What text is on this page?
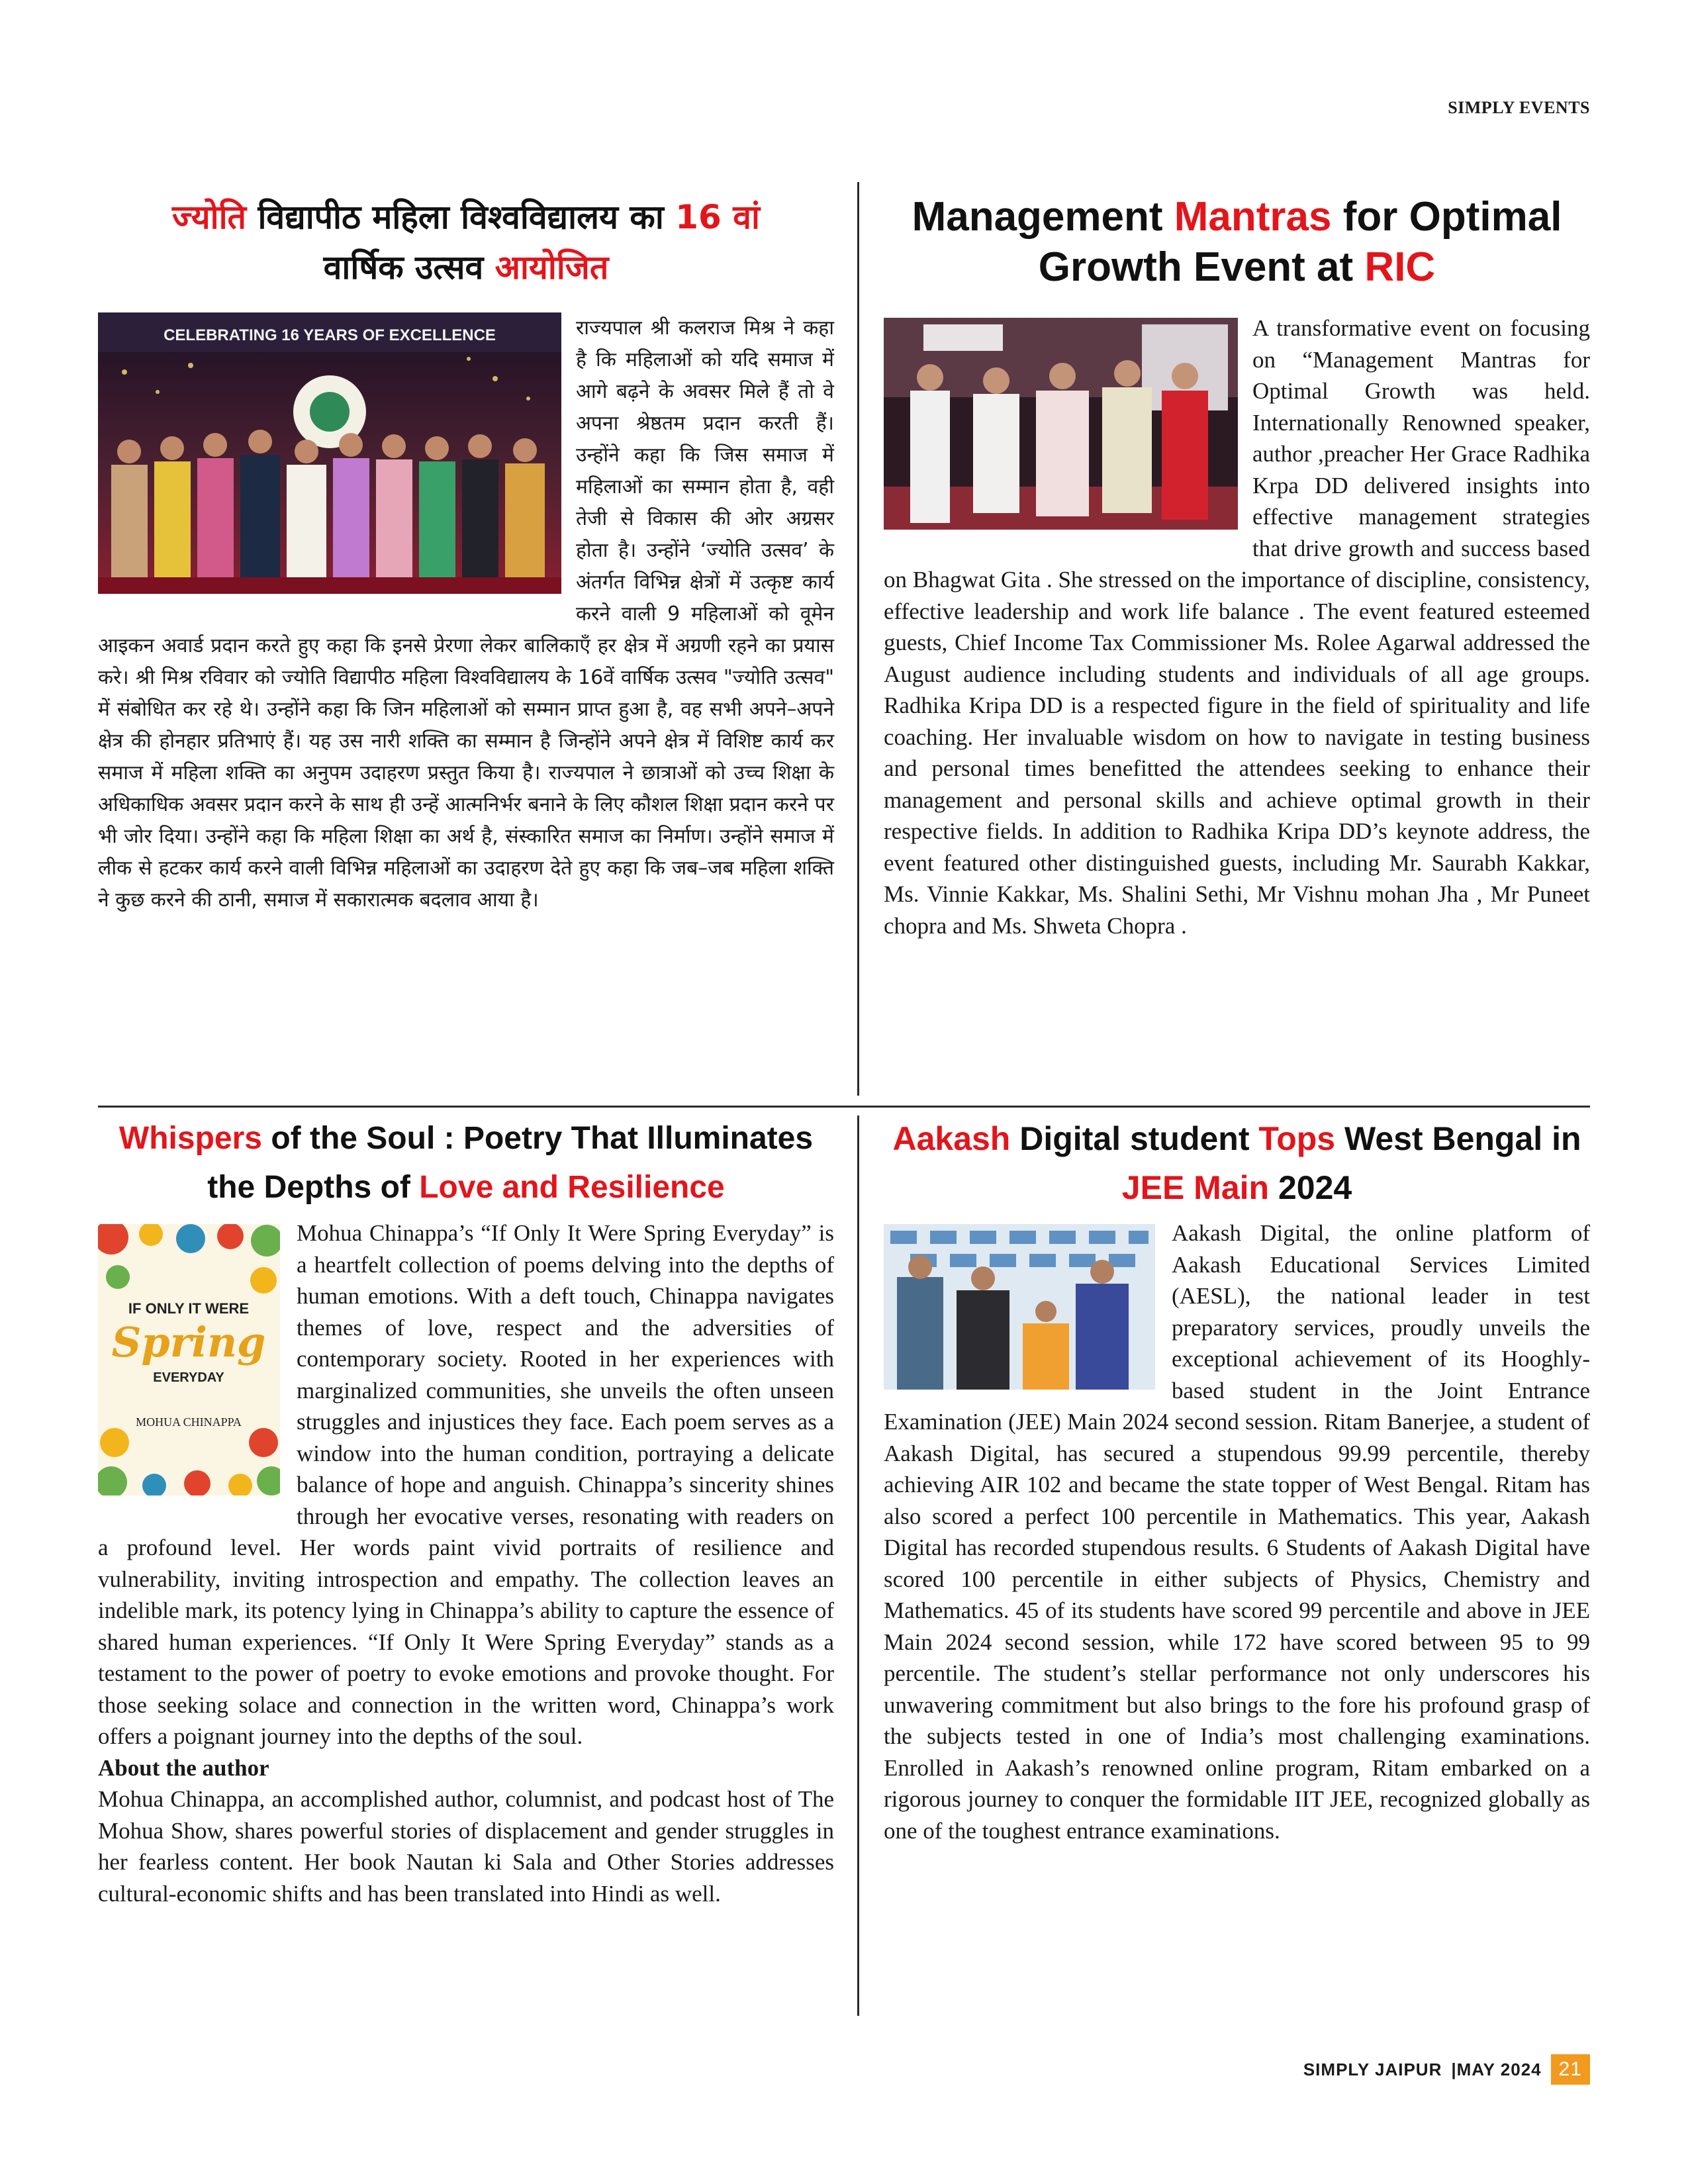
SIMPLY EVENTS
ज्योति विद्यापीठ महिला विश्वविद्यालय का 16 वां
वार्षिक उत्सव आयोजित
CELEBRATING 16 YEARS OF EXCELLENCE	राज्यपाल श्री कलराज मिश्र ने कहा है कि महिलाओं को यदि समाज में आगे बढ़ने के अवसर मिले हैं तो वे अपना श्रेष्ठतम प्रदान करती हैं। उन्होंने कहा कि जिस समाज में महिलाओं का सम्मान होता है, वही तेजी से विकास की ओर अग्रसर होता है। उन्होंने ‘ज्योति उत्सव’ के अंतर्गत विभिन्न क्षेत्रों में उत्कृष्ट कार्य करने वाली 9 महिलाओं को वूमेन आइकन अवार्ड प्रदान करते हुए कहा कि इनसे प्रेरणा लेकर बालिकाएँ हर क्षेत्र में अग्रणी रहने का प्रयास करे। श्री मिश्र रविवार को ज्योति विद्यापीठ महिला विश्वविद्यालय के 16वें वार्षिक उत्सव "ज्योति उत्सव" में संबोधित कर रहे थे। उन्होंने कहा कि जिन महिलाओं को सम्मान प्राप्त हुआ है, वह सभी अपने–अपने क्षेत्र की होनहार प्रतिभाएं हैं। यह उस नारी शक्ति का सम्मान है जिन्होंने अपने क्षेत्र में विशिष्ट कार्य कर समाज में महिला शक्ति का अनुपम उदाहरण प्रस्तुत किया है। राज्यपाल ने छात्राओं को उच्च शिक्षा के अधिकाधिक अवसर प्रदान करने के साथ ही उन्हें आत्मनिर्भर बनाने के लिए कौशल शिक्षा प्रदान करने पर भी जोर दिया। उन्होंने कहा कि महिला शिक्षा का अर्थ है, संस्कारित समाज का निर्माण। उन्होंने समाज में लीक से हटकर कार्य करने वाली विभिन्न महिलाओं का उदाहरण देते हुए कहा कि जब–जब महिला शक्ति ने कुछ करने की ठानी, समाज में सकारात्मक बदलाव आया है।

Management Mantras for Optimal Growth Event at RIC

A transformative event on focusing on “Management Mantras for Optimal Growth was held. Internationally Renowned speaker, author ,preacher Her Grace Radhika Krpa DD delivered insights into effective management strategies that drive growth and success based on Bhagwat Gita . She stressed on the importance of discipline, consistency, effective leadership and work life balance . The event featured esteemed guests, Chief Income Tax Commissioner Ms. Rolee Agarwal addressed the August audience including students and individuals of all age groups. Radhika Kripa DD is a respected figure in the field of spirituality and life coaching. Her invaluable wisdom on how to navigate in testing business and personal times benefitted the attendees seeking to enhance their management and personal skills and achieve optimal growth in their respective fields. In addition to Radhika Kripa DD’s keynote address, the event featured other distinguished guests, including Mr. Saurabh Kakkar, Ms. Vinnie Kakkar, Ms. Shalini Sethi, Mr Vishnu mohan Jha , Mr Puneet chopra and Ms. Shweta Chopra .

Whispers of the Soul : Poetry That Illuminates the Depths of Love and Resilience
IF ONLY IT WERE
Spring
EVERYDAY
MOHUA CHINAPPA

Mohua Chinappa’s “If Only It Were Spring Everyday” is a heartfelt collection of poems delving into the depths of human emotions. With a deft touch, Chinappa navigates themes of love, respect and the adversities of contemporary society. Rooted in her experiences with marginalized communities, she unveils the often unseen struggles and injustices they face. Each poem serves as a window into the human condition, portraying a delicate balance of hope and anguish. Chinappa’s sincerity shines through her evocative verses, resonating with readers on a profound level. Her words paint vivid portraits of resilience and vulnerability, inviting introspection and empathy. The collection leaves an indelible mark, its potency lying in Chinappa’s ability to capture the essence of shared human experiences. “If Only It Were Spring Everyday” stands as a testament to the power of poetry to evoke emotions and provoke thought. For those seeking solace and connection in the written word, Chinappa’s work offers a poignant journey into the depths of the soul.

About the author

Mohua Chinappa, an accomplished author, columnist, and podcast host of The Mohua Show, shares powerful stories of displacement and gender struggles in her fearless content. Her book Nautan ki Sala and Other Stories addresses cultural-economic shifts and has been translated into Hindi as well.

Aakash Digital student Tops West Bengal in JEE Main 2024

Aakash Digital, the online platform of Aakash Educational Services Limited (AESL), the national leader in test preparatory services, proudly unveils the exceptional achievement of its Hooghly-based student in the Joint Entrance Examination (JEE) Main 2024 second session. Ritam Banerjee, a student of Aakash Digital, has secured a stupendous 99.99 percentile, thereby achieving AIR 102 and became the state topper of West Bengal. Ritam has also scored a perfect 100 percentile in Mathematics. This year, Aakash Digital has recorded stupendous results. 6 Students of Aakash Digital have scored 100 percentile in either subjects of Physics, Chemistry and Mathematics. 45 of its students have scored 99 percentile and above in JEE Main 2024 second session, while 172 have scored between 95 to 99 percentile. The student’s stellar performance not only underscores his unwavering commitment but also brings to the fore his profound grasp of the subjects tested in one of India’s most challenging examinations. Enrolled in Aakash’s renowned online program, Ritam embarked on a rigorous journey to conquer the formidable IIT JEE, recognized globally as one of the toughest entrance examinations.

SIMPLY JAIPUR |MAY 2024 21
